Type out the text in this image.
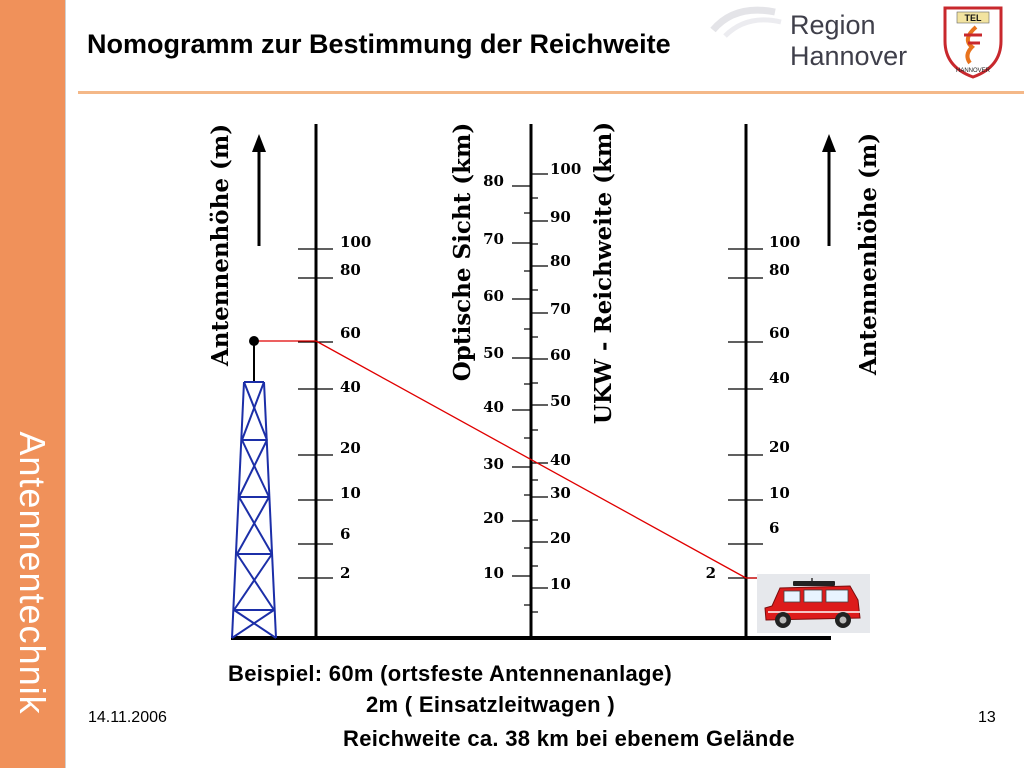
Antennentechnik
Nomogramm zur Bestimmung der Reichweite
Region
Hannover
TEL
HANNOVER
Antennenhöhe (m)	Optische Sicht (km)	UKW - Reichweite (km)	Antennenhöhe (m)
100
80
60
40
20
10
6
2
80
70
60
50
40
30
20
10
100
90
80
70
60
50
40
30
20
10
100
80
60
40
20
10
6
2
Beispiel: 60m (ortsfeste Antennenanlage)
2m ( Einsatzleitwagen )
Reichweite ca. 38 km bei ebenem Gelände
14.11.2006	13
